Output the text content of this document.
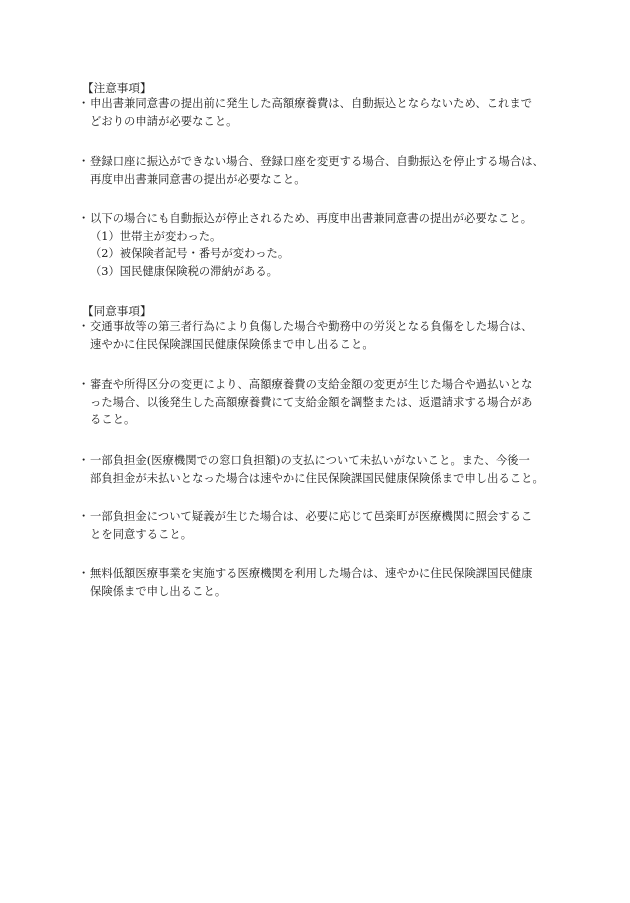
【注意事項】
・申出書兼同意書の提出前に発生した高額療養費は、自動振込とならないため、これまで
どおりの申請が必要なこと。
・登録口座に振込ができない場合、登録口座を変更する場合、自動振込を停止する場合は、
再度申出書兼同意書の提出が必要なこと。
・以下の場合にも自動振込が停止されるため、再度申出書兼同意書の提出が必要なこと。
（1）世帯主が変わった。
（2）被保険者記号・番号が変わった。
（3）国民健康保険税の滞納がある。
【同意事項】
・交通事故等の第三者行為により負傷した場合や勤務中の労災となる負傷をした場合は、
速やかに住民保険課国民健康保険係まで申し出ること。
・審査や所得区分の変更により、高額療養費の支給金額の変更が生じた場合や過払いとな
った場合、以後発生した高額療養費にて支給金額を調整または、返還請求する場合があ
ること。
・一部負担金(医療機関での窓口負担額)の支払について未払いがないこと。また、今後一
部負担金が未払いとなった場合は速やかに住民保険課国民健康保険係まで申し出ること。
・一部負担金について疑義が生じた場合は、必要に応じて邑楽町が医療機関に照会するこ
とを同意すること。
・無料低額医療事業を実施する医療機関を利用した場合は、速やかに住民保険課国民健康
保険係まで申し出ること。
